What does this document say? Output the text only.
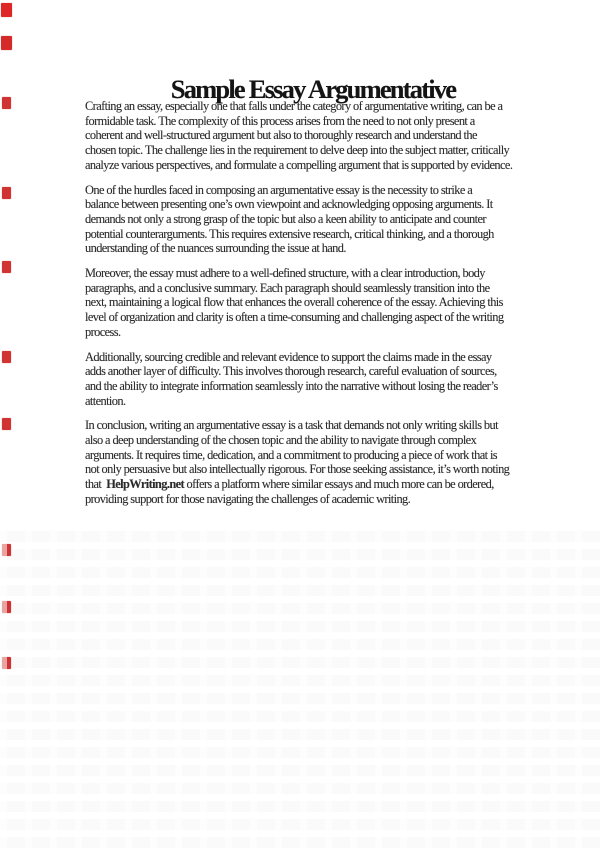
Sample Essay Argumentative

Crafting an essay, especially one that falls under the category of argumentative writing, can be a
formidable task. The complexity of this process arises from the need to not only present a
coherent and well-structured argument but also to thoroughly research and understand the
chosen topic. The challenge lies in the requirement to delve deep into the subject matter, critically
analyze various perspectives, and formulate a compelling argument that is supported by evidence.

One of the hurdles faced in composing an argumentative essay is the necessity to strike a
balance between presenting one’s own viewpoint and acknowledging opposing arguments. It
demands not only a strong grasp of the topic but also a keen ability to anticipate and counter
potential counterarguments. This requires extensive research, critical thinking, and a thorough
understanding of the nuances surrounding the issue at hand.

Moreover, the essay must adhere to a well-defined structure, with a clear introduction, body
paragraphs, and a conclusive summary. Each paragraph should seamlessly transition into the
next, maintaining a logical flow that enhances the overall coherence of the essay. Achieving this
level of organization and clarity is often a time-consuming and challenging aspect of the writing
process.

Additionally, sourcing credible and relevant evidence to support the claims made in the essay
adds another layer of difficulty. This involves thorough research, careful evaluation of sources,
and the ability to integrate information seamlessly into the narrative without losing the reader’s
attention.

In conclusion, writing an argumentative essay is a task that demands not only writing skills but
also a deep understanding of the chosen topic and the ability to navigate through complex
arguments. It requires time, dedication, and a commitment to producing a piece of work that is
not only persuasive but also intellectually rigorous. For those seeking assistance, it’s worth noting
that  HelpWriting.net offers a platform where similar essays and much more can be ordered,
providing support for those navigating the challenges of academic writing.
